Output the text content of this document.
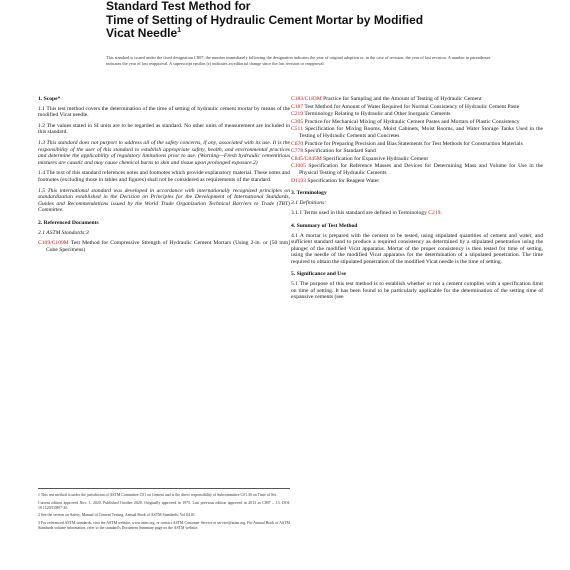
Standard Test Method for
Time of Setting of Hydraulic Cement Mortar by Modified
Vicat Needle$^1$
This standard is issued under the fixed designation C807; the number immediately following the designation indicates the year of original adoption or, in the case of revision, the year of last revision. A number in parentheses indicates the year of last reapproval. A superscript epsilon (ε) indicates an editorial change since the last revision or reapproval.
1. Scope*

1.1 This test method covers the determination of the time of setting of hydraulic cement mortar by means of the modified Vicat needle.

1.2 The values stated in SI units are to be regarded as standard. No other units of measurement are included in this standard.

1.3 This standard does not purport to address all of the safety concerns, if any, associated with its use. It is the responsibility of the user of this standard to establish appropriate safety, health, and environmental practices and determine the applicability of regulatory limitations prior to use. (Warning—Fresh hydraulic cementitious mixtures are caustic and may cause chemical burns to skin and tissue upon prolonged exposure.2)

1.4 The text of this standard references notes and footnotes which provide explanatory material. These notes and footnotes (excluding those in tables and figures) shall not be considered as requirements of the standard.

1.5 This international standard was developed in accordance with internationally recognized principles on standardization established in the Decision on Principles for the Development of International Standards, Guides and Recommendations issued by the World Trade Organization Technical Barriers to Trade (TBT) Committee.

2. Referenced Documents

2.1 ASTM Standards:3

C109/C109M Test Method for Compressive Strength of Hydraulic Cement Mortars (Using 2-in. or [50 mm] Cube Specimens)

C183/C183M Practice for Sampling and the Amount of Testing of Hydraulic Cement

C187 Test Method for Amount of Water Required for Normal Consistency of Hydraulic Cement Paste

C219 Terminology Relating to Hydraulic and Other Inorganic Cements

C305 Practice for Mechanical Mixing of Hydraulic Cement Pastes and Mortars of Plastic Consistency

C511 Specification for Mixing Rooms, Moist Cabinets, Moist Rooms, and Water Storage Tanks Used in the Testing of Hydraulic Cements and Concretes

C670 Practice for Preparing Precision and Bias Statements for Test Methods for Construction Materials

C778 Specification for Standard Sand

C845/C845M Specification for Expansive Hydraulic Cement

C1005 Specification for Reference Masses and Devices for Determining Mass and Volume for Use in the Physical Testing of Hydraulic Cements

D1193 Specification for Reagent Water

3. Terminology

3.1 Definitions:

3.1.1 Terms used in this standard are defined in Terminology C219.

4. Summary of Test Method

4.1 A mortar is prepared with the cement to be tested, using stipulated quantities of cement and water, and sufficient standard sand to produce a required consistency as determined by a stipulated penetration using the plunger of the modified Vicat apparatus. Mortar of the proper consistency is then tested for time of setting, using the needle of the modified Vicat apparatus for the determination of a stipulated penetration. The time required to obtain the stipulated penetration of the modified Vicat needle is the time of setting.

5. Significance and Use

5.1 The purpose of this test method is to establish whether or not a cement complies with a specification limit on time of setting. It has been found to be particularly applicable for the determination of the setting time of expansive cements (see

1 This test method is under the jurisdiction of ASTM Committee C01 on Cement and is the direct responsibility of Subcommittee C01.30 on Time of Set.

Current edition approved Nov. 1, 2020. Published October 2020. Originally approved in 1975. Last previous edition approved in 2013 as C807 – 13. DOI: 10.1520/C0807-20.

2 See the section on Safety, Manual of Cement Testing, Annual Book of ASTM Standards, Vol 04.01.

3 For referenced ASTM standards, visit the ASTM website, www.astm.org, or contact ASTM Customer Service at service@astm.org. For Annual Book of ASTM Standards volume information, refer to the standard's Document Summary page on the ASTM website.
